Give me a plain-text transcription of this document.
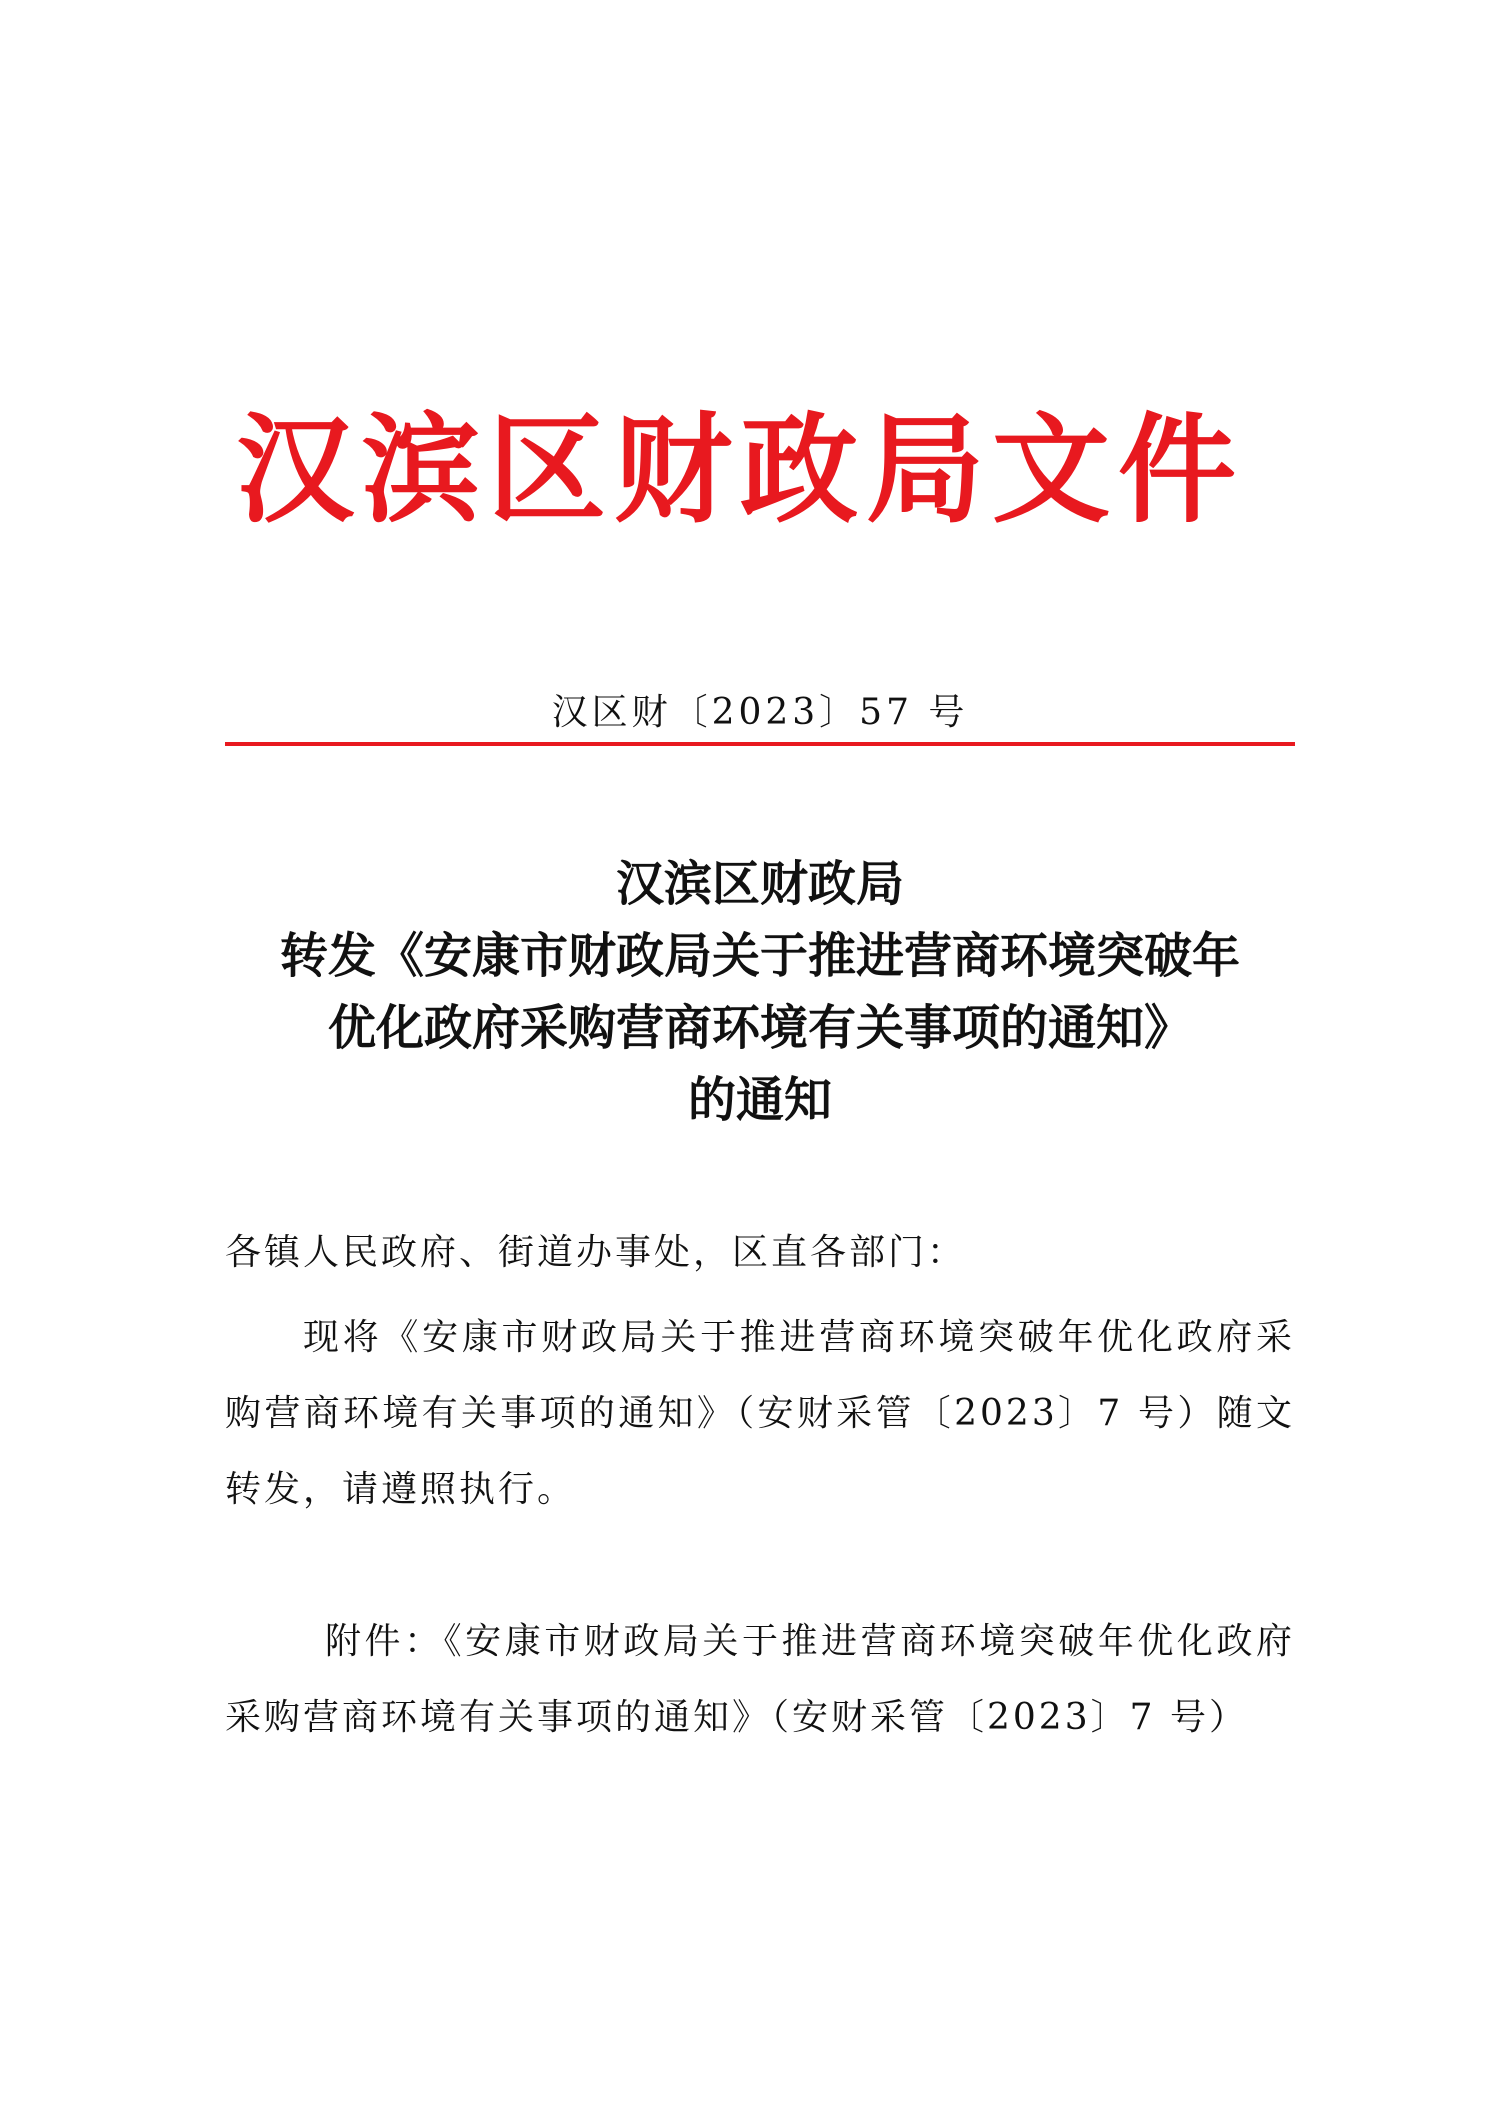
汉滨区财政局文件
汉区财〔2023〕57 号
汉滨区财政局
转发《安康市财政局关于推进营商环境突破年
优化政府采购营商环境有关事项的通知》
的通知
各镇人民政府、街道办事处，区直各部门：
现将《安康市财政局关于推进营商环境突破年优化政府采
购营商环境有关事项的通知》（安财采管〔2023〕7 号）随文
转发，请遵照执行。
附件：《安康市财政局关于推进营商环境突破年优化政府
采购营商环境有关事项的通知》（安财采管〔2023〕7 号）
